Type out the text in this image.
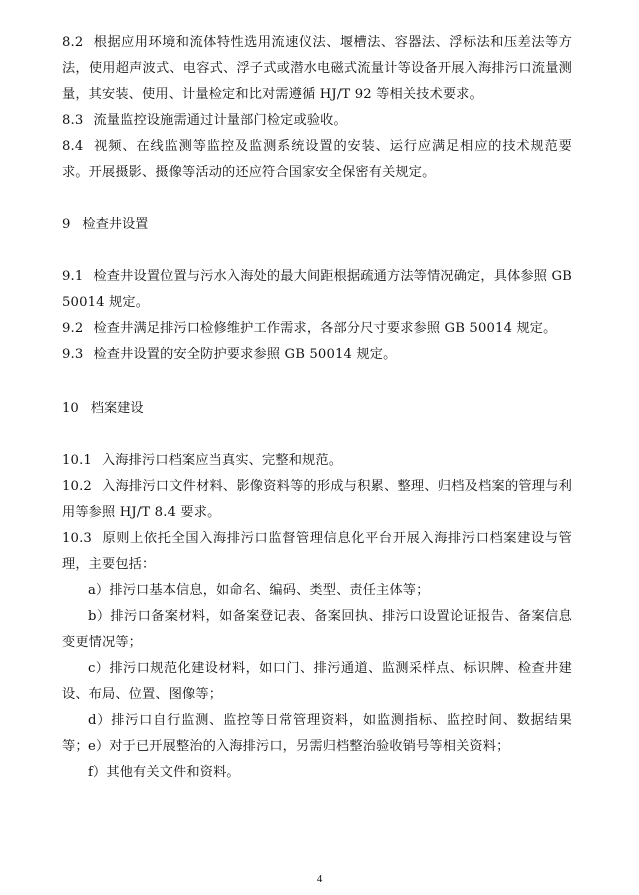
8.2 根据应用环境和流体特性选用流速仪法、堰槽法、容器法、浮标法和压差法等方法，使用超声波式、电容式、浮子式或潜水电磁式流量计等设备开展入海排污口流量测量，其安装、使用、计量检定和比对需遵循 HJ/T 92 等相关技术要求。

8.3 流量监控设施需通过计量部门检定或验收。

8.4 视频、在线监测等监控及监测系统设置的安装、运行应满足相应的技术规范要求。开展摄影、摄像等活动的还应符合国家安全保密有关规定。

9 检查井设置

9.1 检查井设置位置与污水入海处的最大间距根据疏通方法等情况确定，具体参照 GB 50014 规定。

9.2 检查井满足排污口检修维护工作需求，各部分尺寸要求参照 GB 50014 规定。

9.3 检查井设置的安全防护要求参照 GB 50014 规定。

10 档案建设

10.1 入海排污口档案应当真实、完整和规范。

10.2 入海排污口文件材料、影像资料等的形成与积累、整理、归档及档案的管理与利用等参照 HJ/T 8.4 要求。

10.3 原则上依托全国入海排污口监督管理信息化平台开展入海排污口档案建设与管理，主要包括：

a）排污口基本信息，如命名、编码、类型、责任主体等；

b）排污口备案材料，如备案登记表、备案回执、排污口设置论证报告、备案信息变更情况等；

c）排污口规范化建设材料，如口门、排污通道、监测采样点、标识牌、检查井建设、布局、位置、图像等；

d）排污口自行监测、监控等日常管理资料，如监测指标、监控时间、数据结果等； e）对于已开展整治的入海排污口，另需归档整治验收销号等相关资料；

f）其他有关文件和资料。

4
